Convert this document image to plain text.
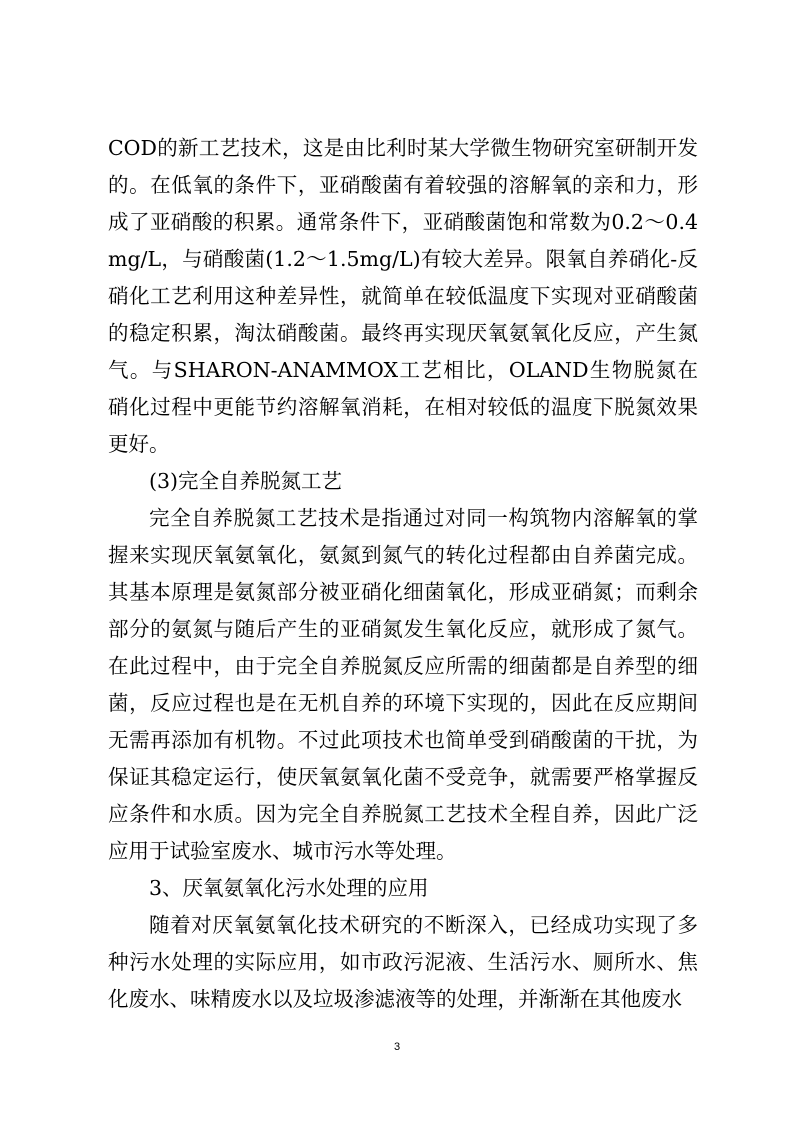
COD的新工艺技术，这是由比利时某大学微生物研究室研制开发的。在低氧的条件下，亚硝酸菌有着较强的溶解氧的亲和力，形成了亚硝酸的积累。通常条件下，亚硝酸菌饱和常数为0.2～0.4mg/L，与硝酸菌(1.2～1.5mg/L)有较大差异。限氧自养硝化-反硝化工艺利用这种差异性，就简单在较低温度下实现对亚硝酸菌的稳定积累，淘汰硝酸菌。最终再实现厌氧氨氧化反应，产生氮气。与SHARON-ANAMMOX工艺相比，OLAND生物脱氮在硝化过程中更能节约溶解氧消耗，在相对较低的温度下脱氮效果更好。

(3)完全自养脱氮工艺

完全自养脱氮工艺技术是指通过对同一构筑物内溶解氧的掌握来实现厌氧氨氧化，氨氮到氮气的转化过程都由自养菌完成。其基本原理是氨氮部分被亚硝化细菌氧化，形成亚硝氮；而剩余部分的氨氮与随后产生的亚硝氮发生氧化反应，就形成了氮气。在此过程中，由于完全自养脱氮反应所需的细菌都是自养型的细菌，反应过程也是在无机自养的环境下实现的，因此在反应期间无需再添加有机物。不过此项技术也简单受到硝酸菌的干扰，为保证其稳定运行，使厌氧氨氧化菌不受竞争，就需要严格掌握反应条件和水质。因为完全自养脱氮工艺技术全程自养，因此广泛应用于试验室废水、城市污水等处理。

3、厌氧氨氧化污水处理的应用

随着对厌氧氨氧化技术研究的不断深入，已经成功实现了多种污水处理的实际应用，如市政污泥液、生活污水、厕所水、焦化废水、味精废水以及垃圾渗滤液等的处理，并渐渐在其他废水

3
